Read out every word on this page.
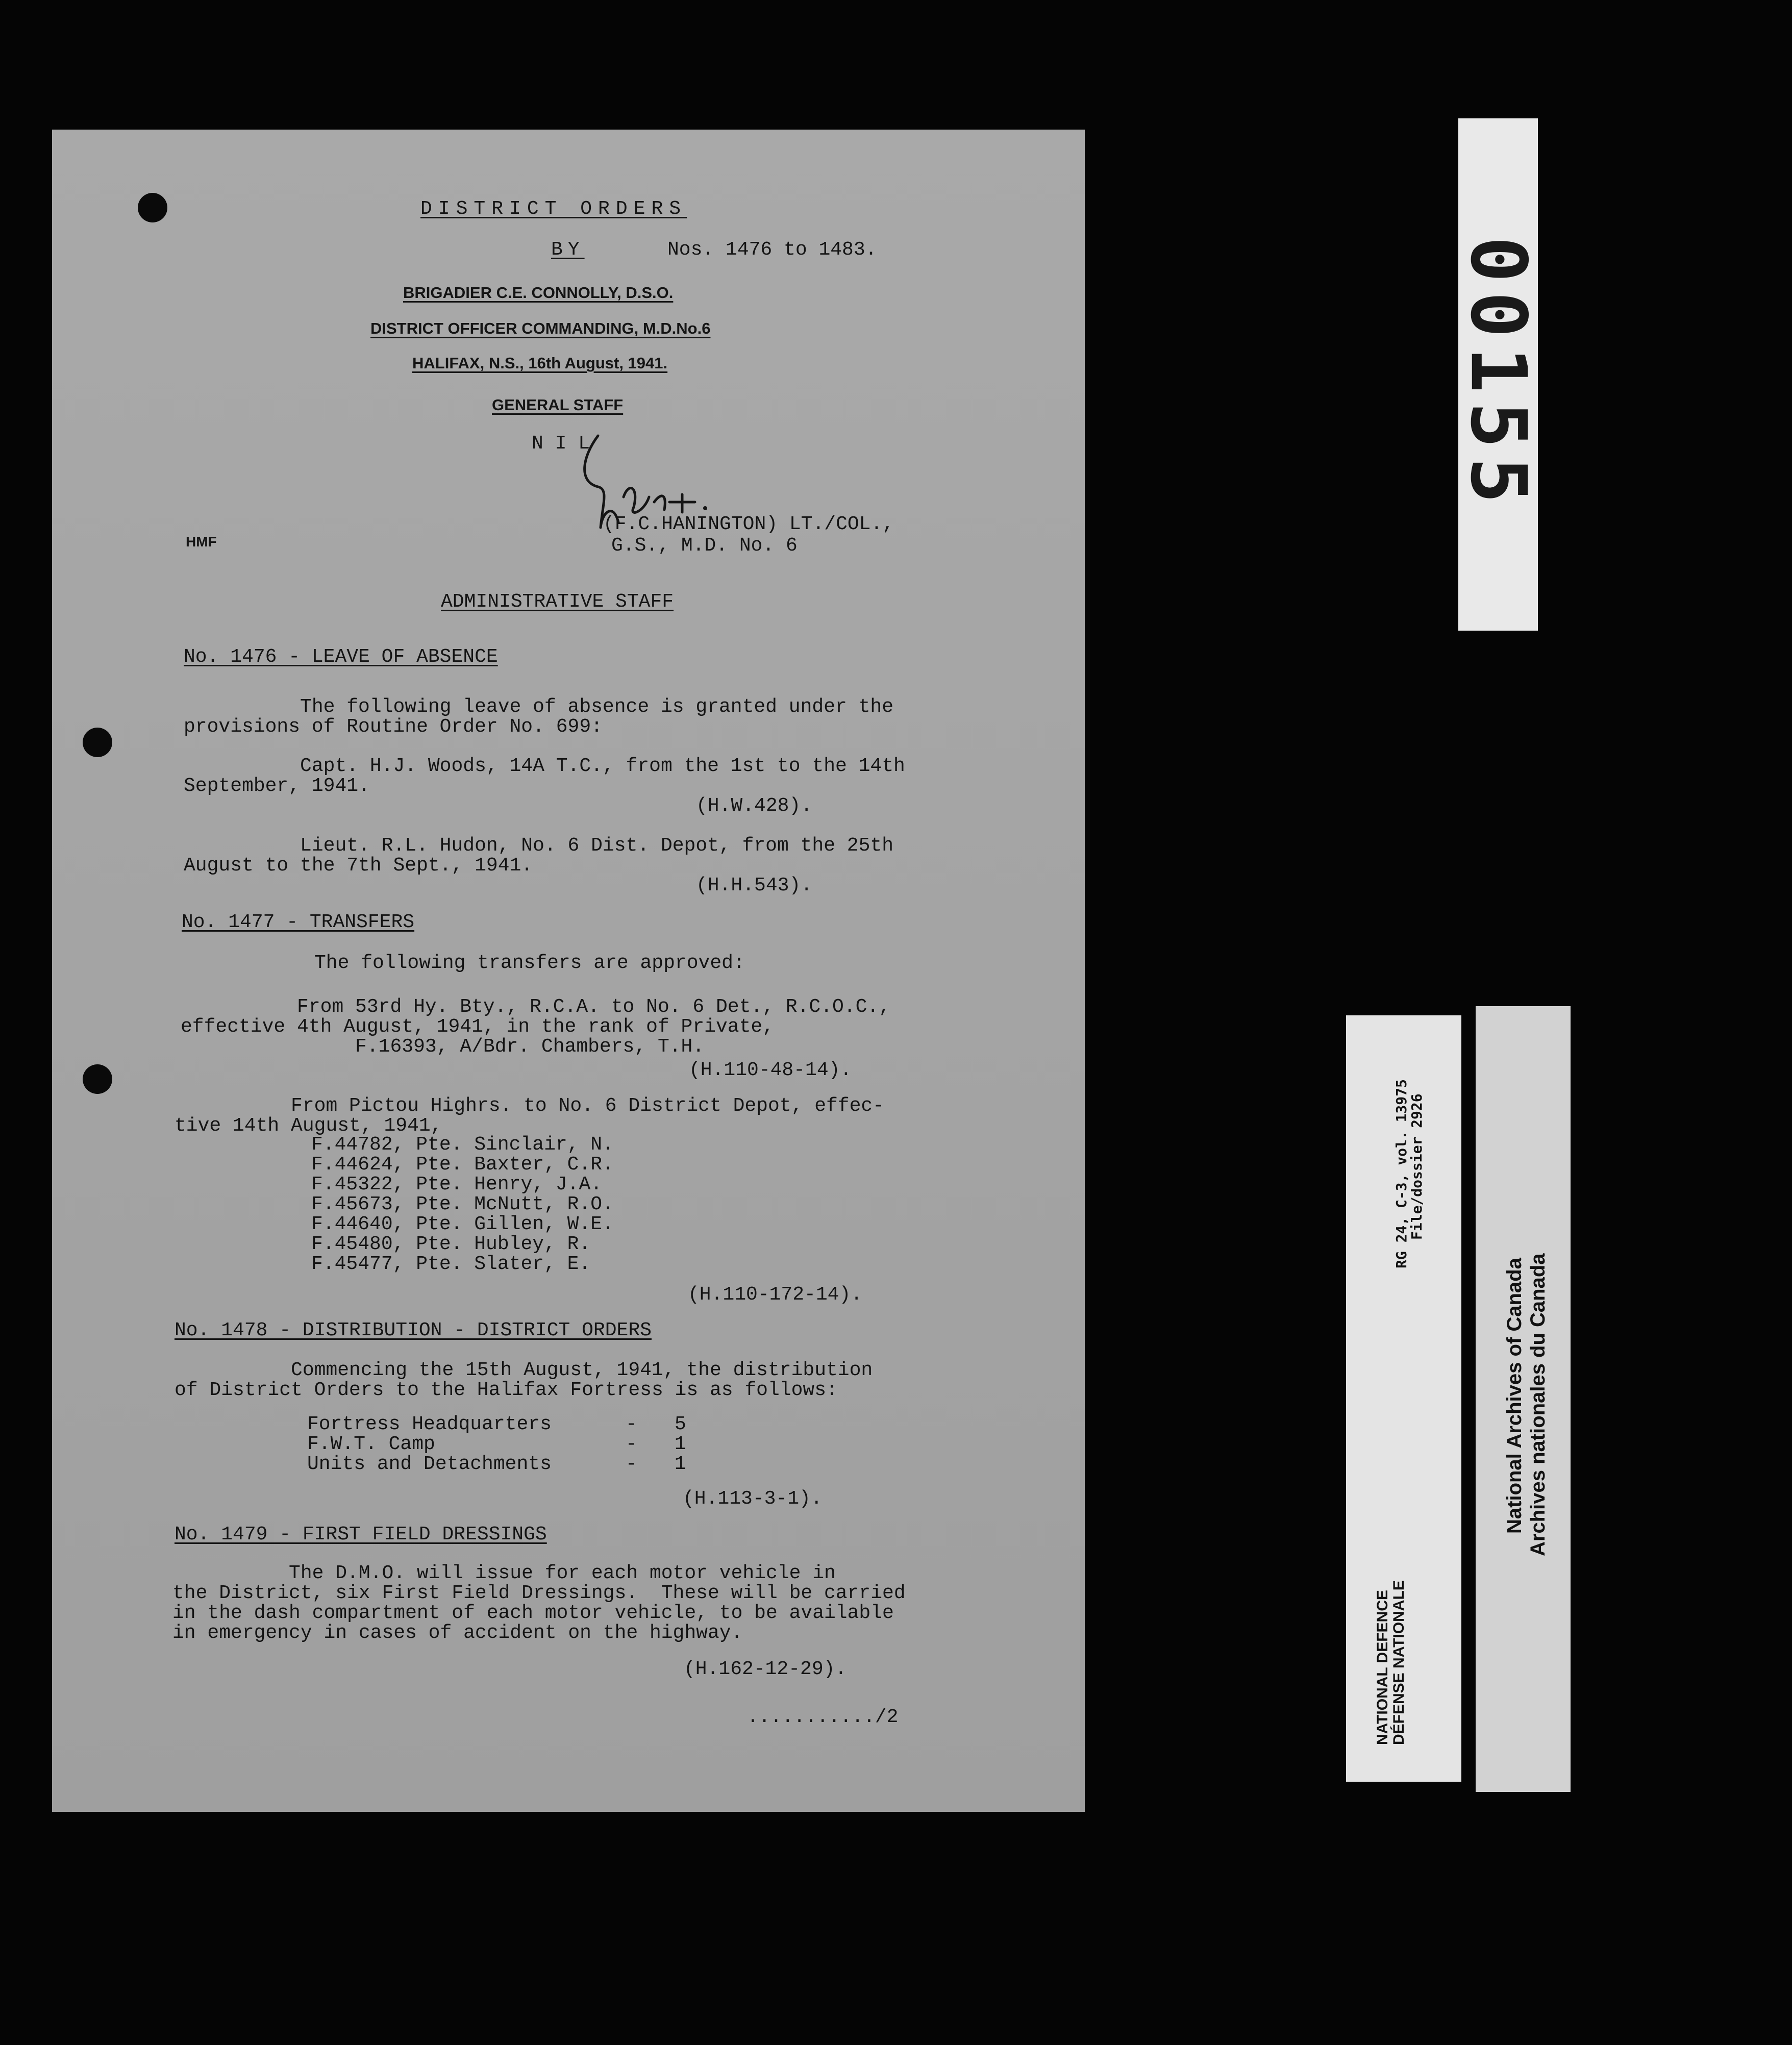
DISTRICT ORDERS
BY	Nos. 1476 to 1483.
BRIGADIER C.E. CONNOLLY, D.S.O.
DISTRICT OFFICER COMMANDING, M.D.No.6
HALIFAX, N.S., 16th August, 1941.
GENERAL STAFF
N I L
(F.C.HANINGTON) LT./COL.,
G.S., M.D. No. 6
HMF
ADMINISTRATIVE STAFF
No. 1476 - LEAVE OF ABSENCE
The following leave of absence is granted under the
provisions of Routine Order No. 699:
Capt. H.J. Woods, 14A T.C., from the 1st to the 14th
September, 1941.
(H.W.428).
Lieut. R.L. Hudon, No. 6 Dist. Depot, from the 25th
August to the 7th Sept., 1941.
(H.H.543).
No. 1477 - TRANSFERS
The following transfers are approved:
From 53rd Hy. Bty., R.C.A. to No. 6 Det., R.C.O.C.,
effective 4th August, 1941, in the rank of Private,
F.16393, A/Bdr. Chambers, T.H.
(H.110-48-14).
From Pictou Highrs. to No. 6 District Depot, effec-
tive 14th August, 1941,
F.44782, Pte. Sinclair, N.
F.44624, Pte. Baxter, C.R.
F.45322, Pte. Henry, J.A.
F.45673, Pte. McNutt, R.O.
F.44640, Pte. Gillen, W.E.
F.45480, Pte. Hubley, R.
F.45477, Pte. Slater, E.
(H.110-172-14).
No. 1478 - DISTRIBUTION - DISTRICT ORDERS
Commencing the 15th August, 1941, the distribution
of District Orders to the Halifax Fortress is as follows:
Fortress Headquarters	- 5
F.W.T. Camp	- 1
Units and Detachments	- 1
(H.113-3-1).
No. 1479 - FIRST FIELD DRESSINGS
The D.M.O. will issue for each motor vehicle in
the District, six First Field Dressings.  These will be carried
in the dash compartment of each motor vehicle, to be available
in emergency in cases of accident on the highway.
(H.162-12-29).
.........../2
00155
NATIONAL DEFENCE DÉFENSE NATIONALE
RG 24, C-3, vol. 13975
File/dossier 2926
National Archives of Canada Archives nationales du Canada
